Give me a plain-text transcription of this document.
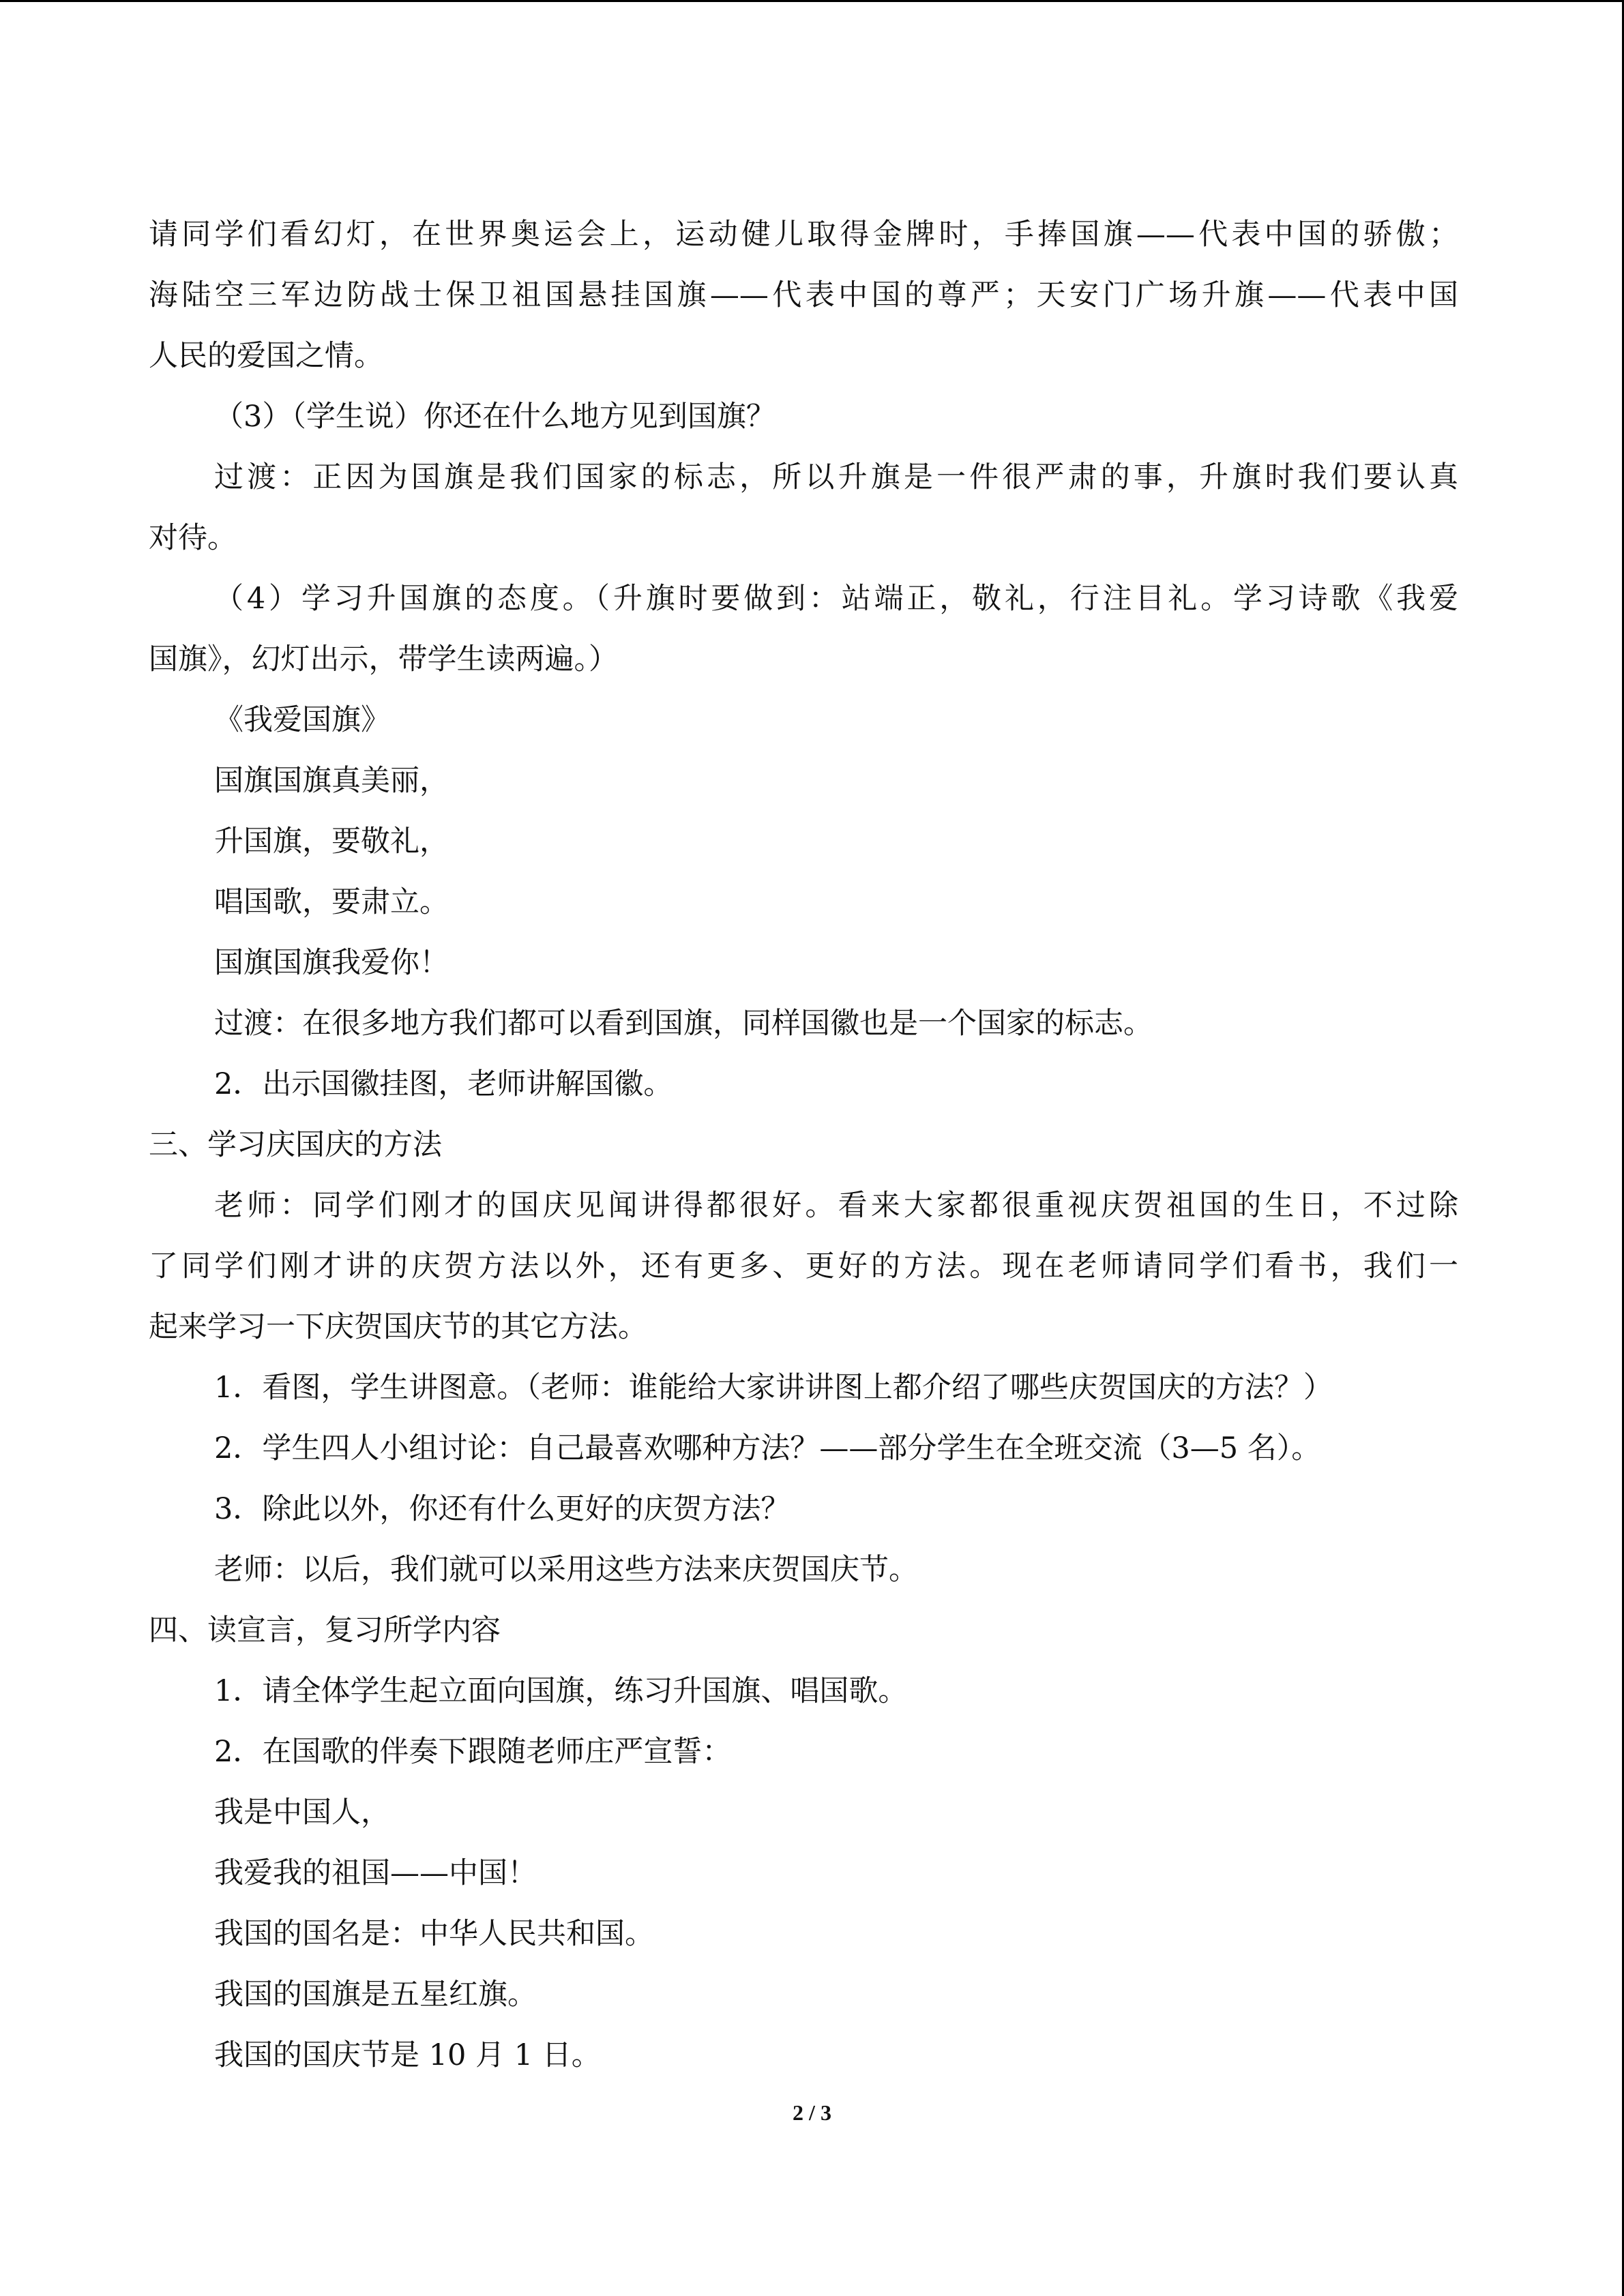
请同学们看幻灯，在世界奥运会上，运动健儿取得金牌时，手捧国旗——代表中国的骄傲；
海陆空三军边防战士保卫祖国悬挂国旗——代表中国的尊严；天安门广场升旗——代表中国
人民的爱国之情。
（3）（学生说）你还在什么地方见到国旗？
过渡：正因为国旗是我们国家的标志，所以升旗是一件很严肃的事，升旗时我们要认真
对待。
（4）学习升国旗的态度。（升旗时要做到：站端正，敬礼，行注目礼。学习诗歌《我爱
国旗》，幻灯出示，带学生读两遍。）
《我爱国旗》
国旗国旗真美丽，
升国旗，要敬礼，
唱国歌，要肃立。
国旗国旗我爱你！
过渡：在很多地方我们都可以看到国旗，同样国徽也是一个国家的标志。
2．出示国徽挂图，老师讲解国徽。
三、学习庆国庆的方法
老师：同学们刚才的国庆见闻讲得都很好。看来大家都很重视庆贺祖国的生日，不过除
了同学们刚才讲的庆贺方法以外，还有更多、更好的方法。现在老师请同学们看书，我们一
起来学习一下庆贺国庆节的其它方法。
1．看图，学生讲图意。（老师：谁能给大家讲讲图上都介绍了哪些庆贺国庆的方法？）
2．学生四人小组讨论：自己最喜欢哪种方法？——部分学生在全班交流（3—5 名）。
3．除此以外，你还有什么更好的庆贺方法？
老师：以后，我们就可以采用这些方法来庆贺国庆节。
四、读宣言，复习所学内容
1．请全体学生起立面向国旗，练习升国旗、唱国歌。
2．在国歌的伴奏下跟随老师庄严宣誓：
我是中国人，
我爱我的祖国——中国！
我国的国名是：中华人民共和国。
我国的国旗是五星红旗。
我国的国庆节是 10 月 1 日。
2 / 3
